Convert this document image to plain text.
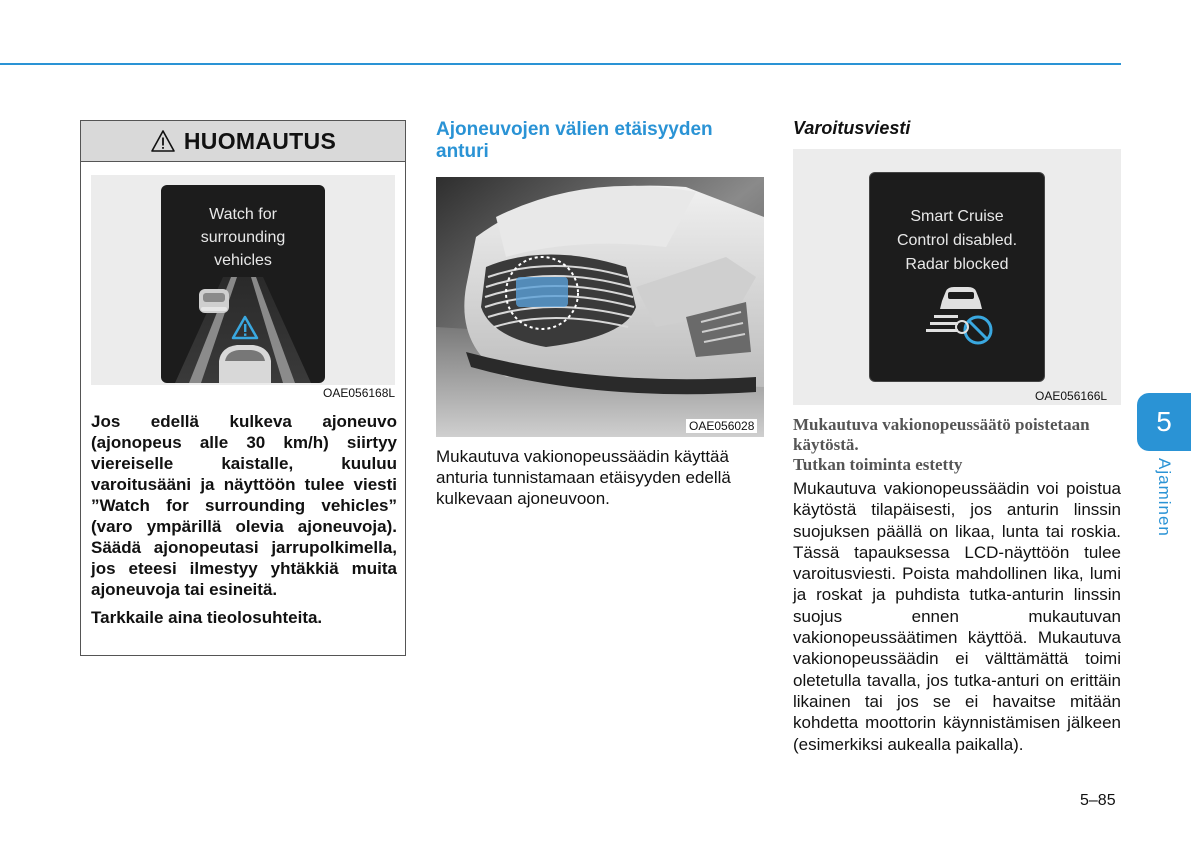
HUOMAUTUS
Watch for
surrounding
vehicles
OAE056168L

Jos edellä kulkeva ajoneuvo (ajonopeus alle 30 km/h) siirtyy viereiselle kaistalle, kuuluu varoitusääni ja näyttöön tulee viesti ”Watch for surrounding vehicles” (varo ympärillä olevia ajoneuvoja). Säädä ajonopeutasi jarrupolkimella, jos eteesi ilmestyy yhtäkkiä muita ajoneuvoja tai esineitä.

Tarkkaile aina tieolosuhteita.

Ajoneuvojen välien etäisyyden anturi
OAE056028
Mukautuva vakionopeussäädin käyttää anturia tunnistamaan etäisyyden edellä kulkevaan ajoneuvoon.
Varoitusviesti
Smart Cruise
Control disabled.
Radar blocked
OAE056166L
Mukautuva vakionopeussäätö poistetaan käytöstä.
Tutkan toiminta estetty
Mukautuva vakionopeussäädin voi poistua käytöstä tilapäisesti, jos anturin linssin suojuksen päällä on likaa, lunta tai roskia. Tässä tapauksessa LCD-näyttöön tulee varoitusviesti. Poista mahdollinen lika, lumi ja roskat ja puhdista tutka-anturin linssin suojus ennen mukautuvan vakionopeussäätimen käyttöä. Mukautuva vakionopeussäädin ei välttämättä toimi oletetulla tavalla, jos tutka-anturi on erittäin likainen tai jos se ei havaitse mitään kohdetta moottorin käynnistämisen jälkeen (esimerkiksi aukealla paikalla).
5
Ajaminen
5–85
